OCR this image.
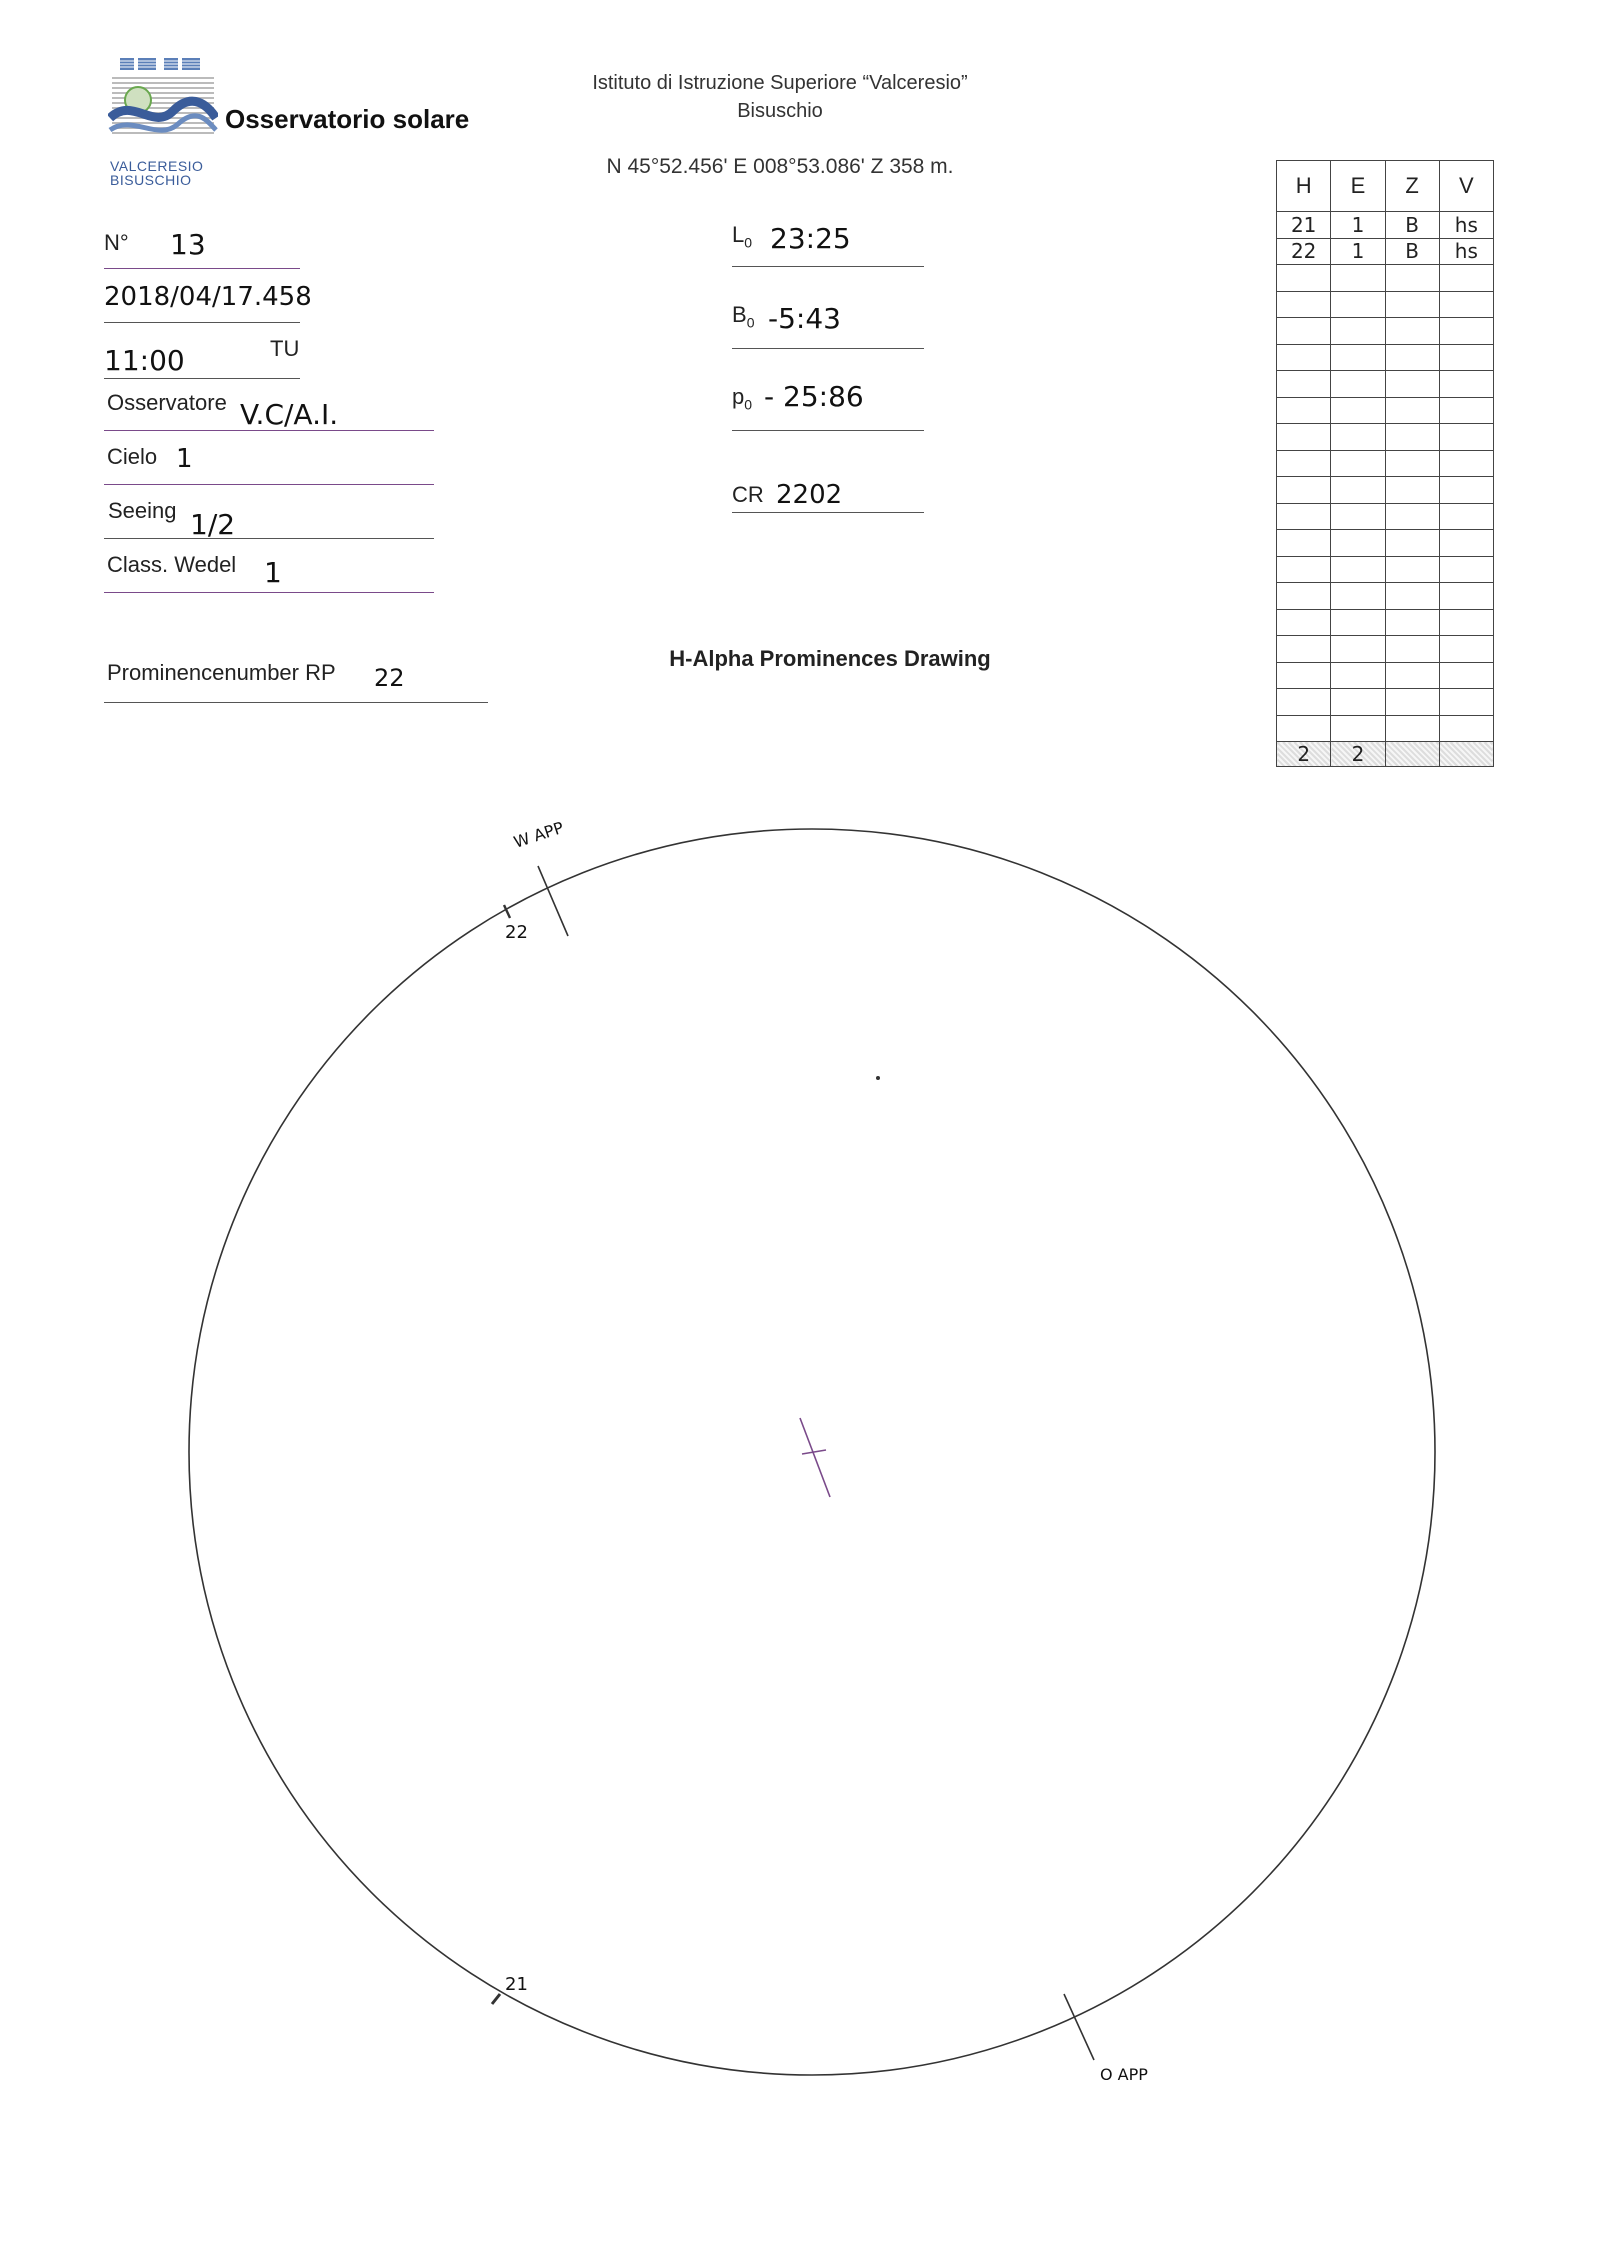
Osservatorio solare
VALCERESIO
BISUSCHIO
Istituto di Istruzione Superiore “Valceresio”
Bisuschio
N 45°52.456' E 008°53.086' Z 358 m.
N° 13
2018/04/17.458
11:00	TU
Osservatore V.C/A.I.
Cielo 1
Seeing 1/2
Class. Wedel 1
Prominencenumber RP 22
$L_0$ 23:25
$B_0$ -5:43
$p_0$ - 25:86
CR 2202
H-Alpha Prominences Drawing
H	E	Z	V
21	1	B	hs
22	1	B	hs

2	2		
22
W APP
21
O APP
